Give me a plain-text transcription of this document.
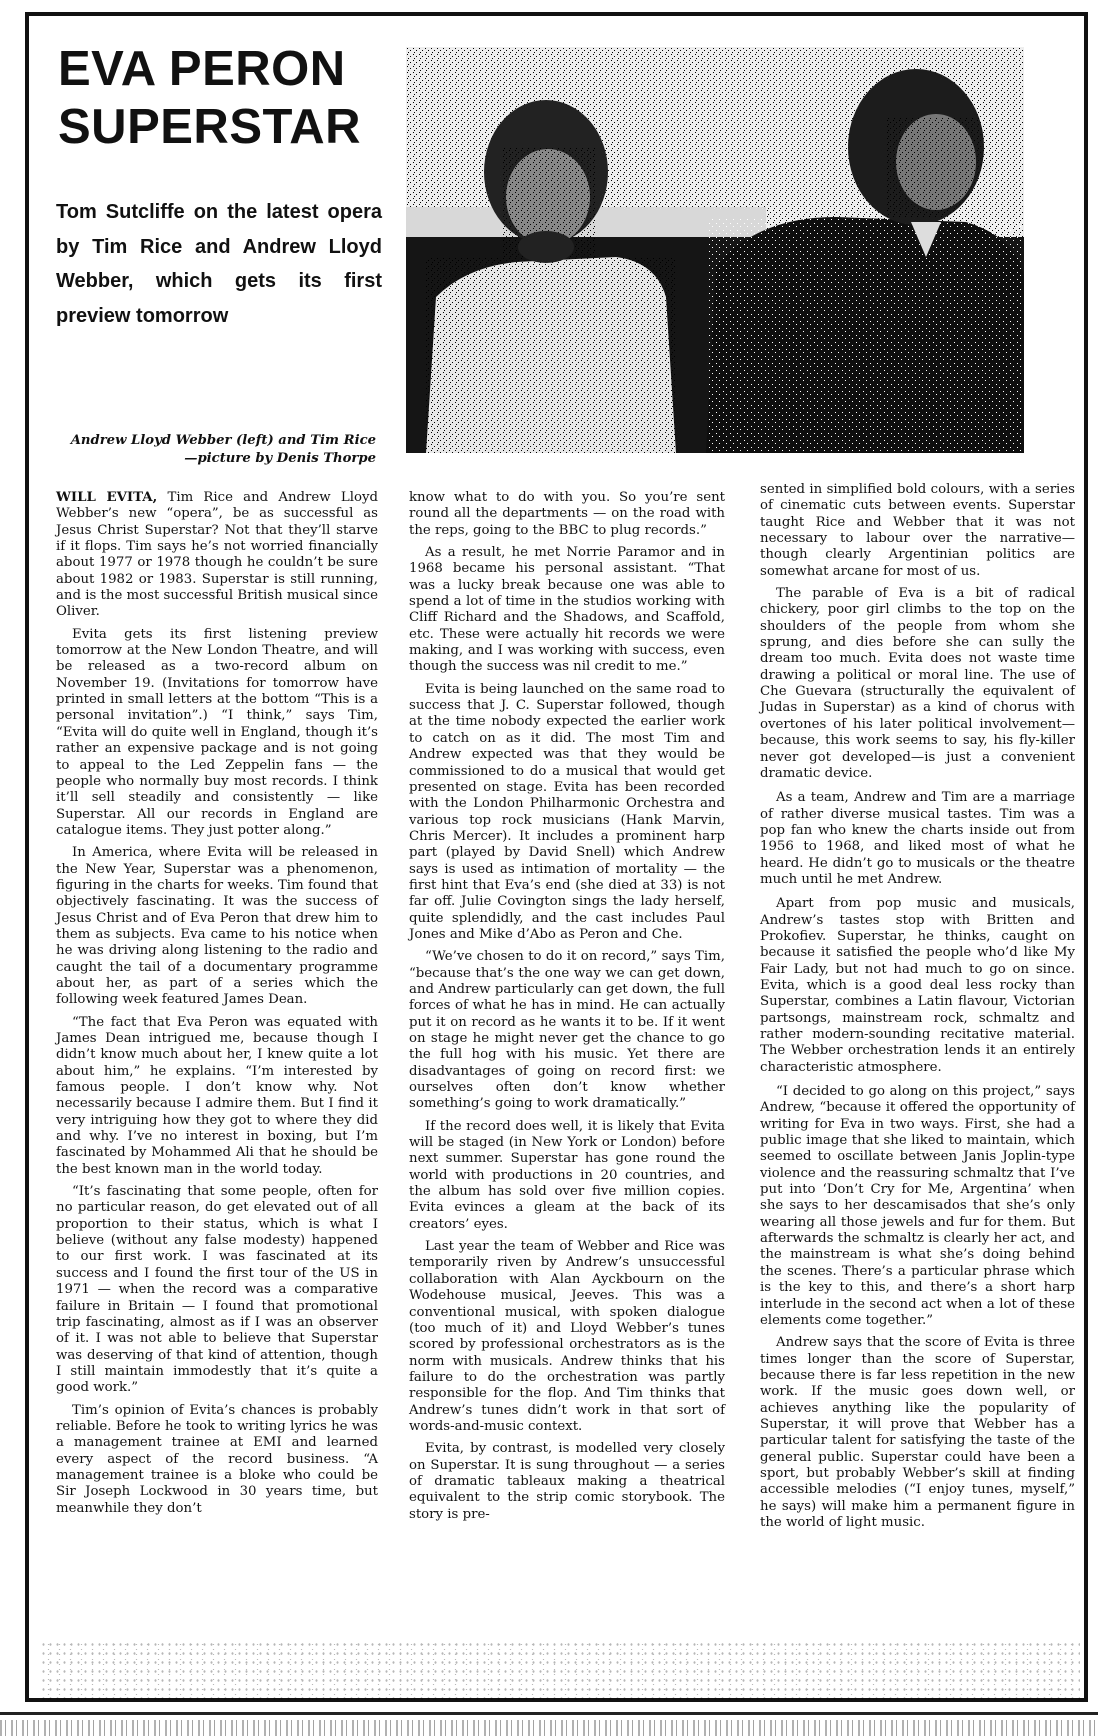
EVA PERON
SUPERSTAR
Tom Sutcliffe on the latest opera by Tim Rice and Andrew Lloyd Webber, which gets its first preview tomorrow
Andrew Lloyd Webber (left) and Tim Rice—picture by Denis Thorpe

WILL EVITA, Tim Rice and Andrew Lloyd Webber’s new “opera”, be as successful as Jesus Christ Superstar? Not that they’ll starve if it flops. Tim says he’s not worried financially about 1977 or 1978 though he couldn’t be sure about 1982 or 1983. Superstar is still running, and is the most successful British musical since Oliver.

Evita gets its first listening preview tomorrow at the New London Theatre, and will be released as a two-record album on November 19. (Invitations for tomorrow have printed in small letters at the bottom “This is a personal invitation”.) “I think,” says Tim, “Evita will do quite well in England, though it’s rather an expensive package and is not going to appeal to the Led Zeppelin fans — the people who normally buy most records. I think it’ll sell steadily and consistently — like Superstar. All our records in England are catalogue items. They just potter along.”

In America, where Evita will be released in the New Year, Superstar was a phenomenon, figuring in the charts for weeks. Tim found that objectively fascinating. It was the success of Jesus Christ and of Eva Peron that drew him to them as subjects. Eva came to his notice when he was driving along listening to the radio and caught the tail of a documentary programme about her, as part of a series which the following week featured James Dean.

“The fact that Eva Peron was equated with James Dean intrigued me, because though I didn’t know much about her, I knew quite a lot about him,” he explains. “I’m interested by famous people. I don’t know why. Not necessarily because I admire them. But I find it very intriguing how they got to where they did and why. I’ve no interest in boxing, but I’m fascinated by Mohammed Ali that he should be the best known man in the world today.

“It’s fascinating that some people, often for no particular reason, do get elevated out of all proportion to their status, which is what I believe (without any false modesty) happened to our first work. I was fascinated at its success and I found the first tour of the US in 1971 — when the record was a comparative failure in Britain — I found that promotional trip fascinating, almost as if I was an observer of it. I was not able to believe that Superstar was deserving of that kind of attention, though I still maintain immodestly that it’s quite a good work.”

Tim’s opinion of Evita’s chances is probably reliable. Before he took to writing lyrics he was a management trainee at EMI and learned every aspect of the record business. “A management trainee is a bloke who could be Sir Joseph Lockwood in 30 years time, but meanwhile they don’t

know what to do with you. So you’re sent round all the departments — on the road with the reps, going to the BBC to plug records.”

As a result, he met Norrie Paramor and in 1968 became his personal assistant. “That was a lucky break because one was able to spend a lot of time in the studios working with Cliff Richard and the Shadows, and Scaffold, etc. These were actually hit records we were making, and I was working with success, even though the success was nil credit to me.”

Evita is being launched on the same road to success that J. C. Superstar followed, though at the time nobody expected the earlier work to catch on as it did. The most Tim and Andrew expected was that they would be commissioned to do a musical that would get presented on stage. Evita has been recorded with the London Philharmonic Orchestra and various top rock musicians (Hank Marvin, Chris Mercer). It includes a prominent harp part (played by David Snell) which Andrew says is used as intimation of mortality — the first hint that Eva’s end (she died at 33) is not far off. Julie Covington sings the lady herself, quite splendidly, and the cast includes Paul Jones and Mike d’Abo as Peron and Che.

“We’ve chosen to do it on record,” says Tim, “because that’s the one way we can get down, and Andrew particularly can get down, the full forces of what he has in mind. He can actually put it on record as he wants it to be. If it went on stage he might never get the chance to go the full hog with his music. Yet there are disadvantages of going on record first: we ourselves often don’t know whether something’s going to work dramatically.”

If the record does well, it is likely that Evita will be staged (in New York or London) before next summer. Superstar has gone round the world with productions in 20 countries, and the album has sold over five million copies. Evita evinces a gleam at the back of its creators’ eyes.

Last year the team of Webber and Rice was temporarily riven by Andrew’s unsuccessful collaboration with Alan Ayckbourn on the Wodehouse musical, Jeeves. This was a conventional musical, with spoken dialogue (too much of it) and Lloyd Webber’s tunes scored by professional orchestrators as is the norm with musicals. Andrew thinks that his failure to do the orchestration was partly responsible for the flop. And Tim thinks that Andrew’s tunes didn’t work in that sort of words-and-music context.

Evita, by contrast, is modelled very closely on Superstar. It is sung throughout — a series of dramatic tableaux making a theatrical equivalent to the strip comic storybook. The story is pre-

sented in simplified bold colours, with a series of cinematic cuts between events. Superstar taught Rice and Webber that it was not necessary to labour over the narrative—though clearly Argentinian politics are somewhat arcane for most of us.

The parable of Eva is a bit of radical chickery, poor girl climbs to the top on the shoulders of the people from whom she sprung, and dies before she can sully the dream too much. Evita does not waste time drawing a political or moral line. The use of Che Guevara (structurally the equivalent of Judas in Superstar) as a kind of chorus with overtones of his later political involvement—because, this work seems to say, his fly-killer never got developed—is just a convenient dramatic device.

As a team, Andrew and Tim are a marriage of rather diverse musical tastes. Tim was a pop fan who knew the charts inside out from 1956 to 1968, and liked most of what he heard. He didn’t go to musicals or the theatre much until he met Andrew.

Apart from pop music and musicals, Andrew’s tastes stop with Britten and Prokofiev. Superstar, he thinks, caught on because it satisfied the people who’d like My Fair Lady, but not had much to go on since. Evita, which is a good deal less rocky than Superstar, combines a Latin flavour, Victorian partsongs, mainstream rock, schmaltz and rather modern-sounding recitative material. The Webber orchestration lends it an entirely characteristic atmosphere.

“I decided to go along on this project,” says Andrew, “because it offered the opportunity of writing for Eva in two ways. First, she had a public image that she liked to maintain, which seemed to oscillate between Janis Joplin-type violence and the reassuring schmaltz that I’ve put into ‘Don’t Cry for Me, Argentina’ when she says to her descamisados that she’s only wearing all those jewels and fur for them. But afterwards the schmaltz is clearly her act, and the mainstream is what she’s doing behind the scenes. There’s a particular phrase which is the key to this, and there’s a short harp interlude in the second act when a lot of these elements come together.”

Andrew says that the score of Evita is three times longer than the score of Superstar, because there is far less repetition in the new work. If the music goes down well, or achieves anything like the popularity of Superstar, it will prove that Webber has a particular talent for satisfying the taste of the general public. Superstar could have been a sport, but probably Webber’s skill at finding accessible melodies (“I enjoy tunes, myself,” he says) will make him a permanent figure in the world of light music.
